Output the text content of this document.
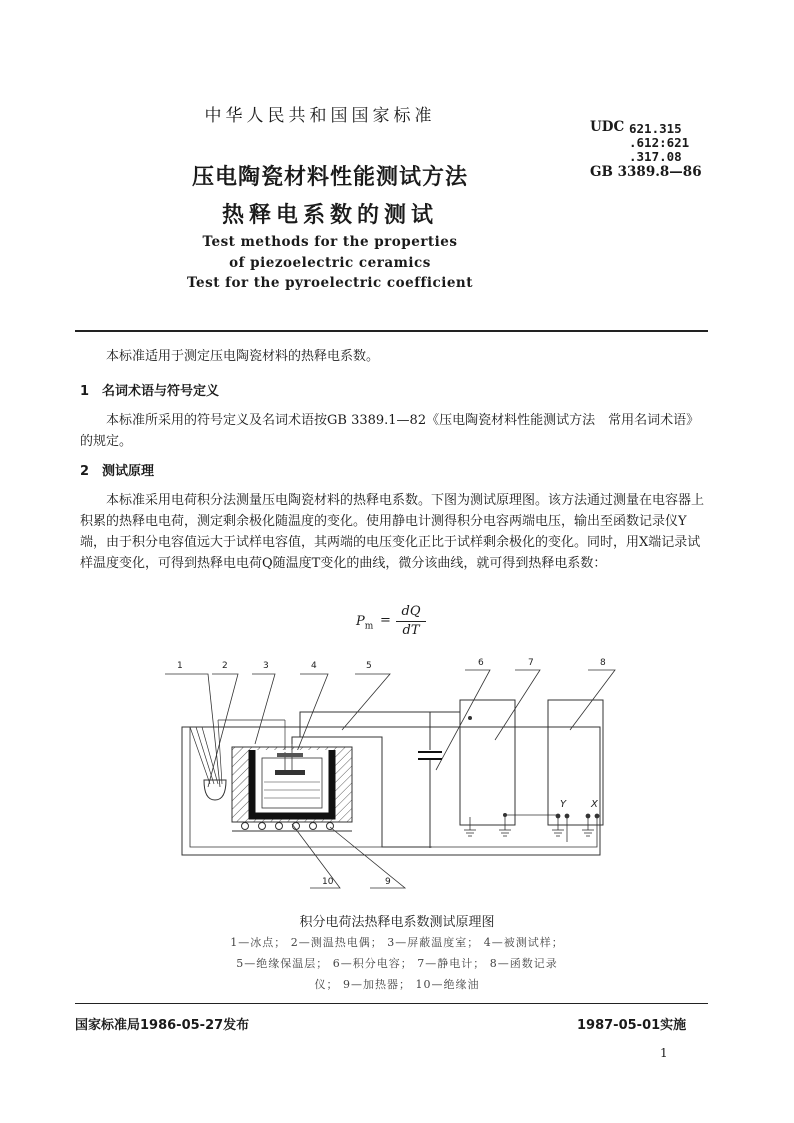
中华人民共和国国家标准
UDC 621.315
.612:621
.317.08
GB 3389.8—86
压电陶瓷材料性能测试方法
热释电系数的测试
Test methods for the properties
of piezoelectric ceramics
Test for the pyroelectric coefficient
本标准适用于测定压电陶瓷材料的热释电系数。
1　名词术语与符号定义
本标准所采用的符号定义及名词术语按GB 3389.1—82《压电陶瓷材料性能测试方法　常用名词术语》的规定。
2　测试原理
本标准采用电荷积分法测量压电陶瓷材料的热释电系数。下图为测试原理图。该方法通过测量在电容器上积累的热释电电荷，测定剩余极化随温度的变化。使用静电计测得积分电容两端电压，输出至函数记录仪Y端，由于积分电容值远大于试样电容值，其两端的电压变化正比于试样剩余极化的变化。同时，用X端记录试样温度变化，可得到热释电电荷Q随温度T变化的曲线，微分该曲线，就可得到热释电系数：
$P_m$ =
dQ
dT
1	2	3	4	5	6	7	8
10	9
Y X
积分电荷法热释电系数测试原理图
1—冰点； 2—测温热电偶； 3—屏蔽温度室； 4—被测试样；
5—绝缘保温层； 6—积分电容； 7—静电计； 8—函数记录
仪； 9—加热器； 10—绝缘油
国家标准局1986-05-27发布	1987-05-01实施
1
